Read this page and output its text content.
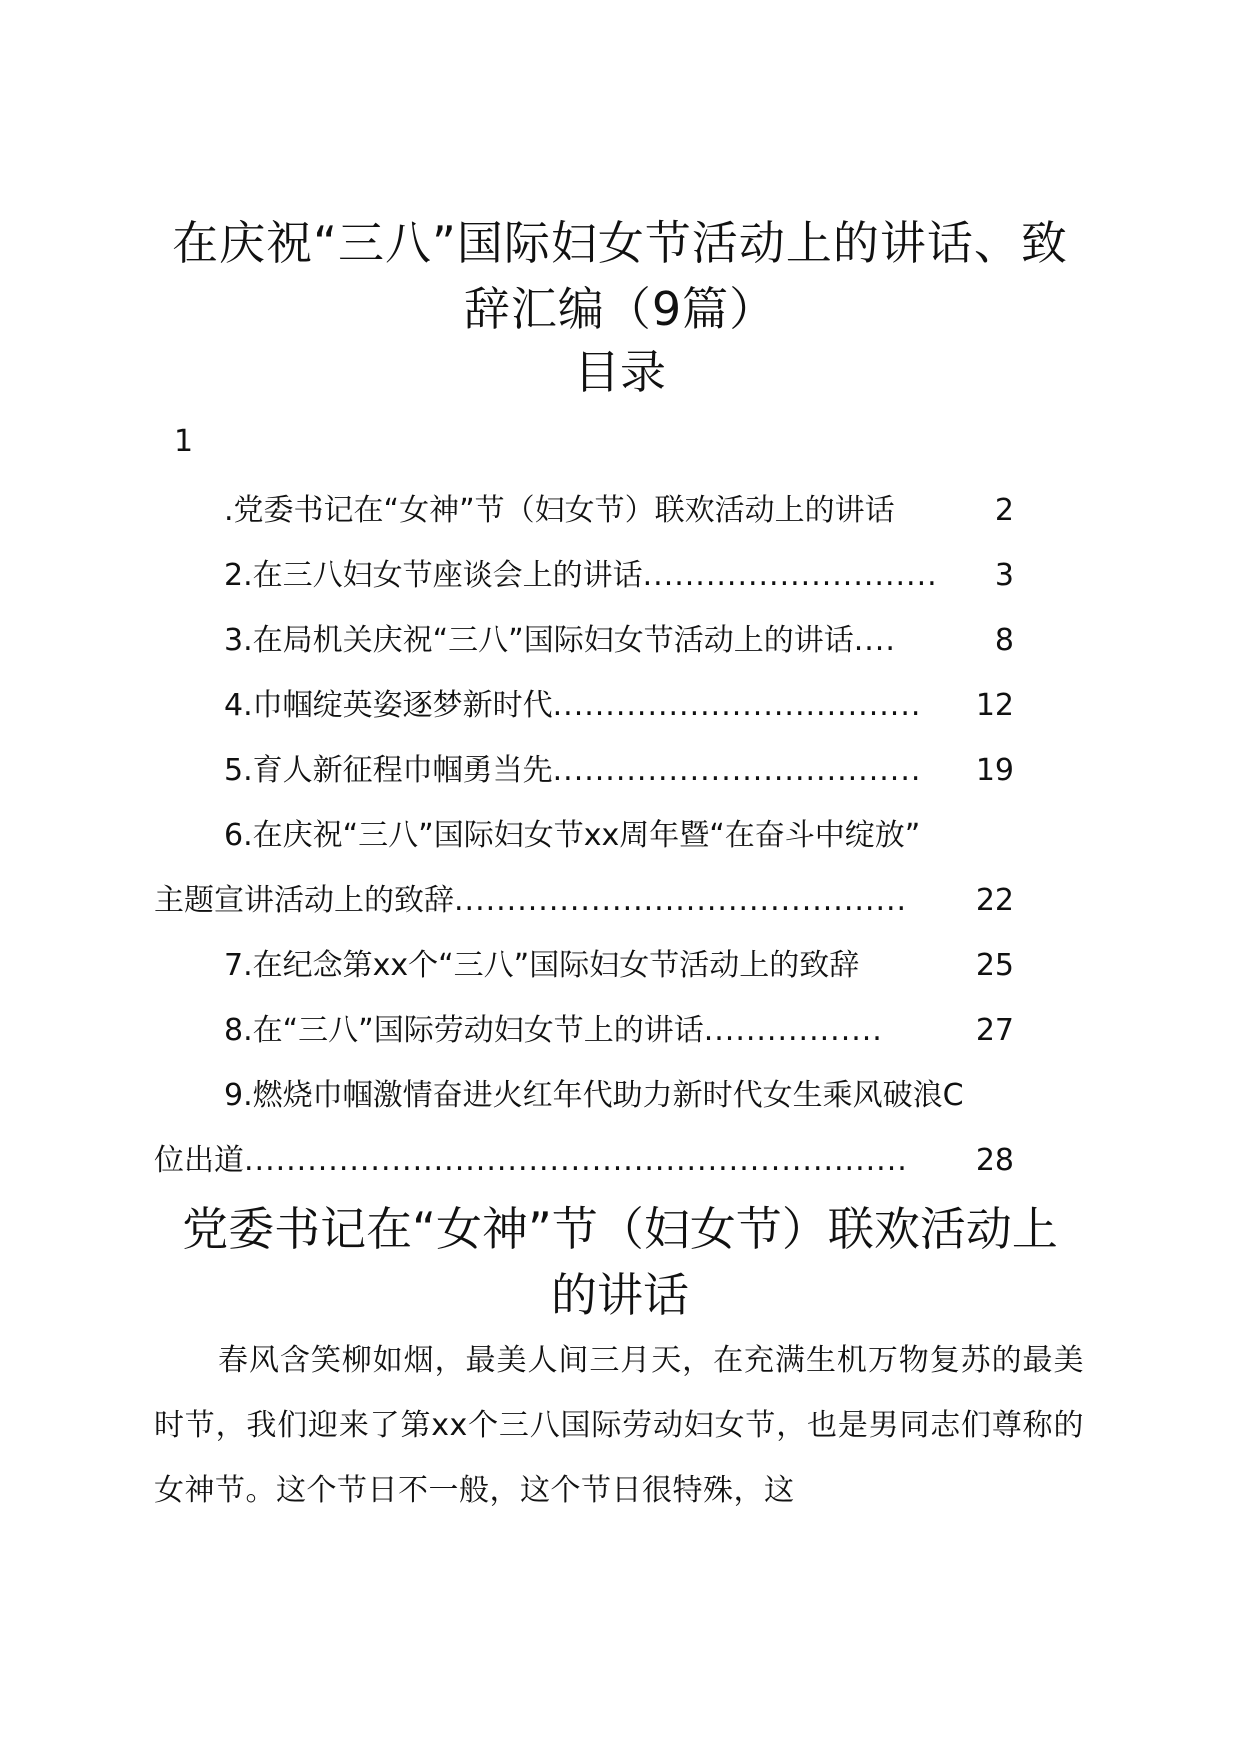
在庆祝“三八”国际妇女节活动上的讲话、致
辞汇编（9篇）
目录
1
.党委书记在“女神”节（妇女节）联欢活动上的讲话	2
2.在三八妇女节座谈会上的讲话 ............................	3
3.在局机关庆祝“三八”国际妇女节活动上的讲话 ....	8
4.巾帼绽英姿逐梦新时代 ...................................	12
5.育人新征程巾帼勇当先 ...................................	19
6.在庆祝“三八”国际妇女节xx周年暨“在奋斗中绽放”
主题宣讲活动上的致辞 ...........................................	22
7.在纪念第xx个“三八”国际妇女节活动上的致辞	25
8.在“三八”国际劳动妇女节上的讲话 .................	27
9.燃烧巾帼激情奋进火红年代助力新时代女生乘风破浪C
位出道 ...............................................................	28
党委书记在“女神”节（妇女节）联欢活动上
的讲话

春风含笑柳如烟，最美人间三月天，在充满生机万物复苏的最美时节，我们迎来了第xx个三八国际劳动妇女节，也是男同志们尊称的女神节。这个节日不一般，这个节日很特殊，这
